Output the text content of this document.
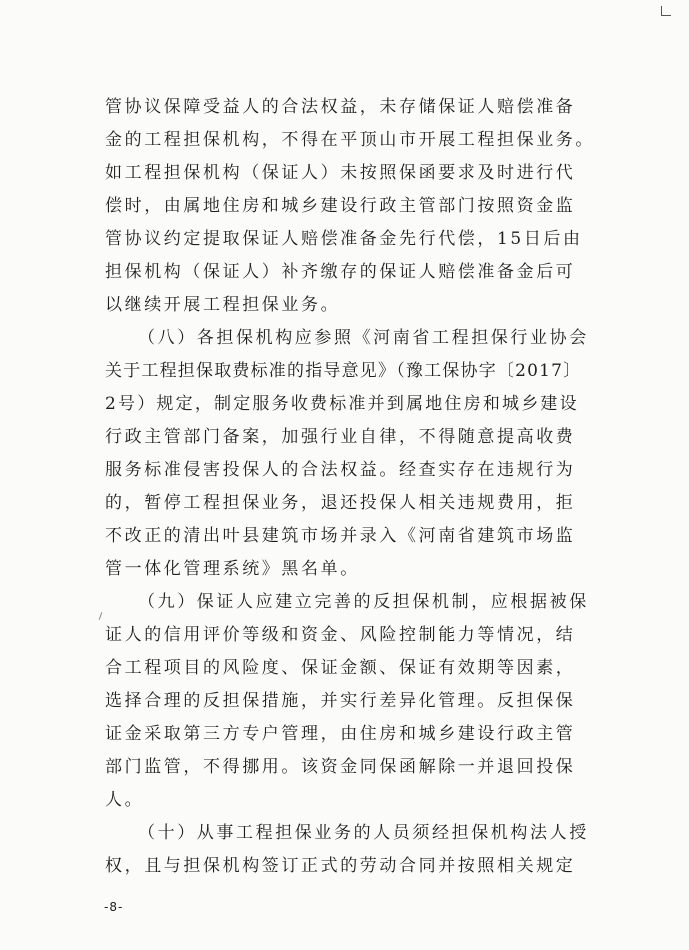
管协议保障受益人的合法权益，未存储保证人赔偿准备
金的工程担保机构，不得在平顶山市开展工程担保业务。
如工程担保机构（保证人）未按照保函要求及时进行代
偿时，由属地住房和城乡建设行政主管部门按照资金监
管协议约定提取保证人赔偿准备金先行代偿，15日后由
担保机构（保证人）补齐缴存的保证人赔偿准备金后可
以继续开展工程担保业务。
（八）各担保机构应参照《河南省工程担保行业协会
关于工程担保取费标准的指导意见》（豫工保协字〔2017〕
2号）规定，制定服务收费标准并到属地住房和城乡建设
行政主管部门备案，加强行业自律，不得随意提高收费
服务标准侵害投保人的合法权益。经查实存在违规行为
的，暂停工程担保业务，退还投保人相关违规费用，拒
不改正的清出叶县建筑市场并录入《河南省建筑市场监
管一体化管理系统》黑名单。
（九）保证人应建立完善的反担保机制，应根据被保
证人的信用评价等级和资金、风险控制能力等情况，结
合工程项目的风险度、保证金额、保证有效期等因素，
选择合理的反担保措施，并实行差异化管理。反担保保
证金采取第三方专户管理，由住房和城乡建设行政主管
部门监管，不得挪用。该资金同保函解除一并退回投保
人。
（十）从事工程担保业务的人员须经担保机构法人授
权，且与担保机构签订正式的劳动合同并按照相关规定
-8-
